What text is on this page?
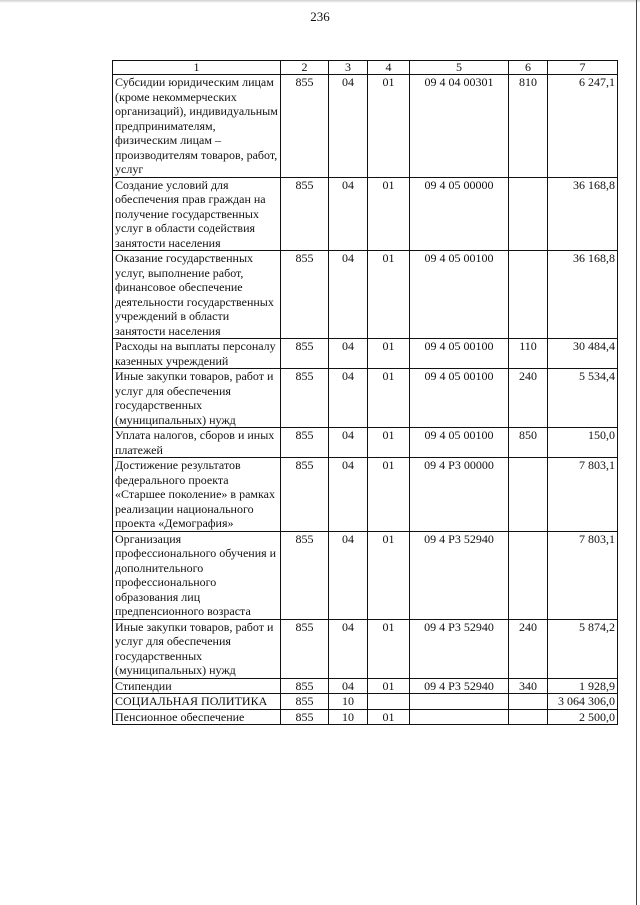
236
1	2	3	4	5	6	7
Субсидии юридическим лицам (кроме некоммерческих организаций), индивидуальным предпринимателям, физическим лицам – производителям товаров, работ, услуг	855	04	01	09 4 04 00301	810	6 247,1
Создание условий для обеспечения прав граждан на получение государственных услуг в области содействия занятости населения	855	04	01	09 4 05 00000		36 168,8
Оказание государственных услуг, выполнение работ, финансовое обеспечение деятельности государственных учреждений в области занятости населения	855	04	01	09 4 05 00100		36 168,8
Расходы на выплаты персоналу казенных учреждений	855	04	01	09 4 05 00100	110	30 484,4
Иные закупки товаров, работ и услуг для обеспечения государственных (муниципальных) нужд	855	04	01	09 4 05 00100	240	5 534,4
Уплата налогов, сборов и иных платежей	855	04	01	09 4 05 00100	850	150,0
Достижение результатов федерального проекта «Старшее поколение» в рамках реализации национального проекта «Демография»	855	04	01	09 4 P3 00000		7 803,1
Организация профессионального обучения и дополнительного профессионального образования лиц предпенсионного возраста	855	04	01	09 4 P3 52940		7 803,1
Иные закупки товаров, работ и услуг для обеспечения государственных (муниципальных) нужд	855	04	01	09 4 P3 52940	240	5 874,2
Стипендии	855	04	01	09 4 P3 52940	340	1 928,9
СОЦИАЛЬНАЯ ПОЛИТИКА	855	10				3 064 306,0
Пенсионное обеспечение	855	10	01			2 500,0
